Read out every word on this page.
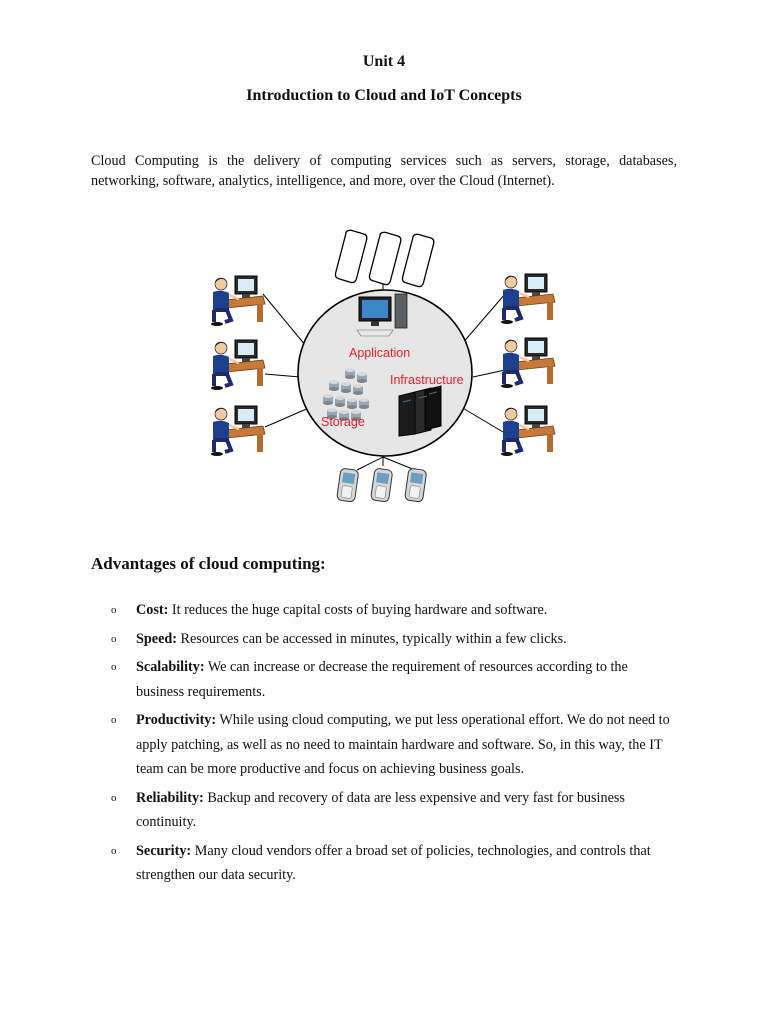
Unit 4
Introduction to Cloud and IoT Concepts

Cloud Computing is the delivery of computing services such as servers, storage, databases, networking, software, analytics, intelligence, and more, over the Cloud (Internet).

Application
Storage
Infrastructure
Advantages of cloud computing:
o Cost: It reduces the huge capital costs of buying hardware and software.
o Speed: Resources can be accessed in minutes, typically within a few clicks.
o Scalability: We can increase or decrease the requirement of resources according to the business requirements.
o Productivity: While using cloud computing, we put less operational effort. We do not need to apply patching, as well as no need to maintain hardware and software. So, in this way, the IT team can be more productive and focus on achieving business goals.
o Reliability: Backup and recovery of data are less expensive and very fast for business continuity.
o Security: Many cloud vendors offer a broad set of policies, technologies, and controls that strengthen our data security.
